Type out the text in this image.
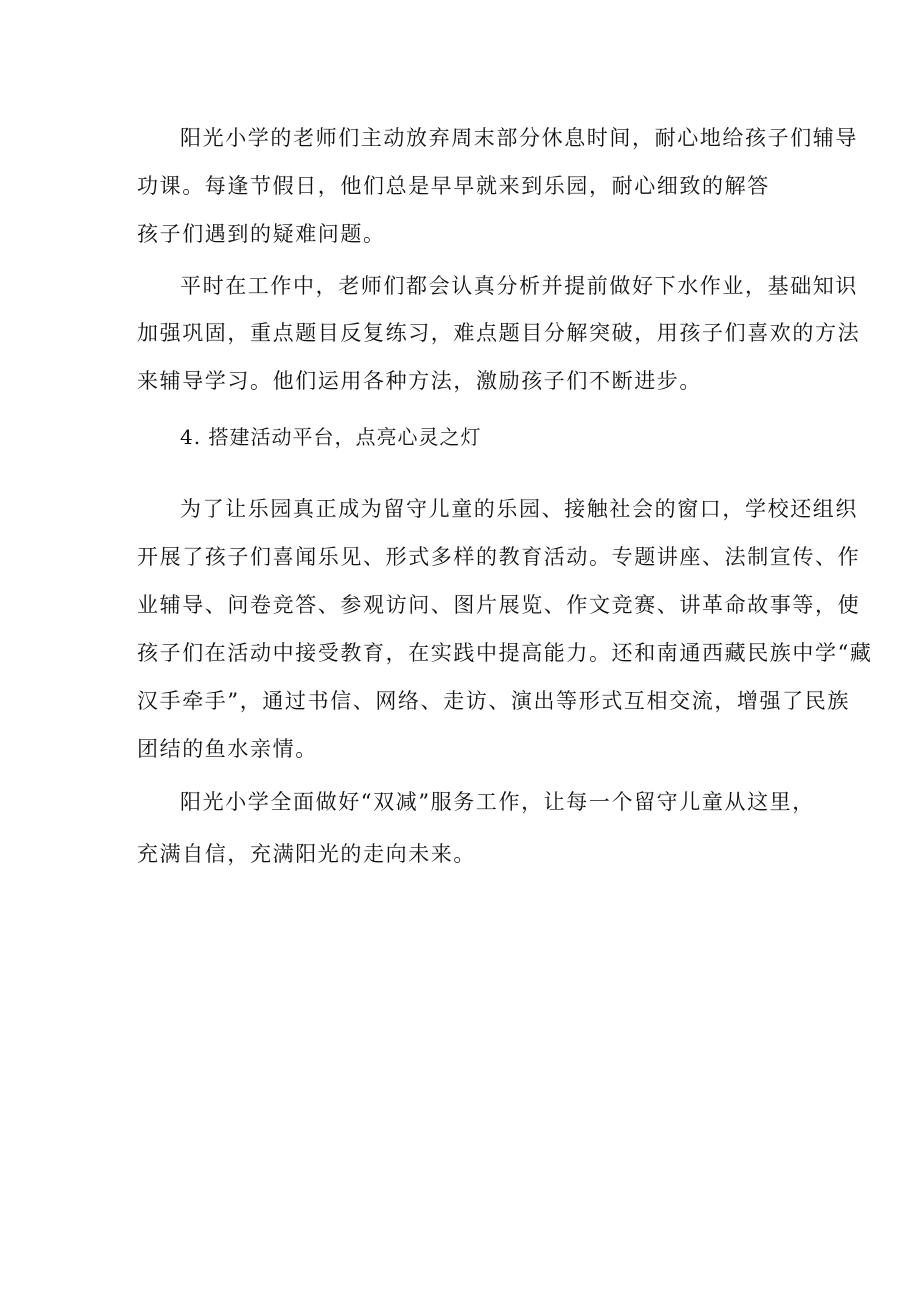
阳光小学的老师们主动放弃周末部分休息时间，耐心地给孩子们辅导
功课。每逢节假日，他们总是早早就来到乐园，耐心细致的解答
孩子们遇到的疑难问题。
平时在工作中，老师们都会认真分析并提前做好下水作业，基础知识
加强巩固，重点题目反复练习，难点题目分解突破，用孩子们喜欢的方法
来辅导学习。他们运用各种方法，激励孩子们不断进步。
4. 搭建活动平台，点亮心灵之灯
为了让乐园真正成为留守儿童的乐园、接触社会的窗口，学校还组织
开展了孩子们喜闻乐见、形式多样的教育活动。专题讲座、法制宣传、作
业辅导、问卷竞答、参观访问、图片展览、作文竞赛、讲革命故事等，使
孩子们在活动中接受教育，在实践中提高能力。还和南通西藏民族中学“藏
汉手牵手”，通过书信、网络、走访、演出等形式互相交流，增强了民族
团结的鱼水亲情。
阳光小学全面做好“双减”服务工作，让每一个留守儿童从这里，
充满自信，充满阳光的走向未来。
